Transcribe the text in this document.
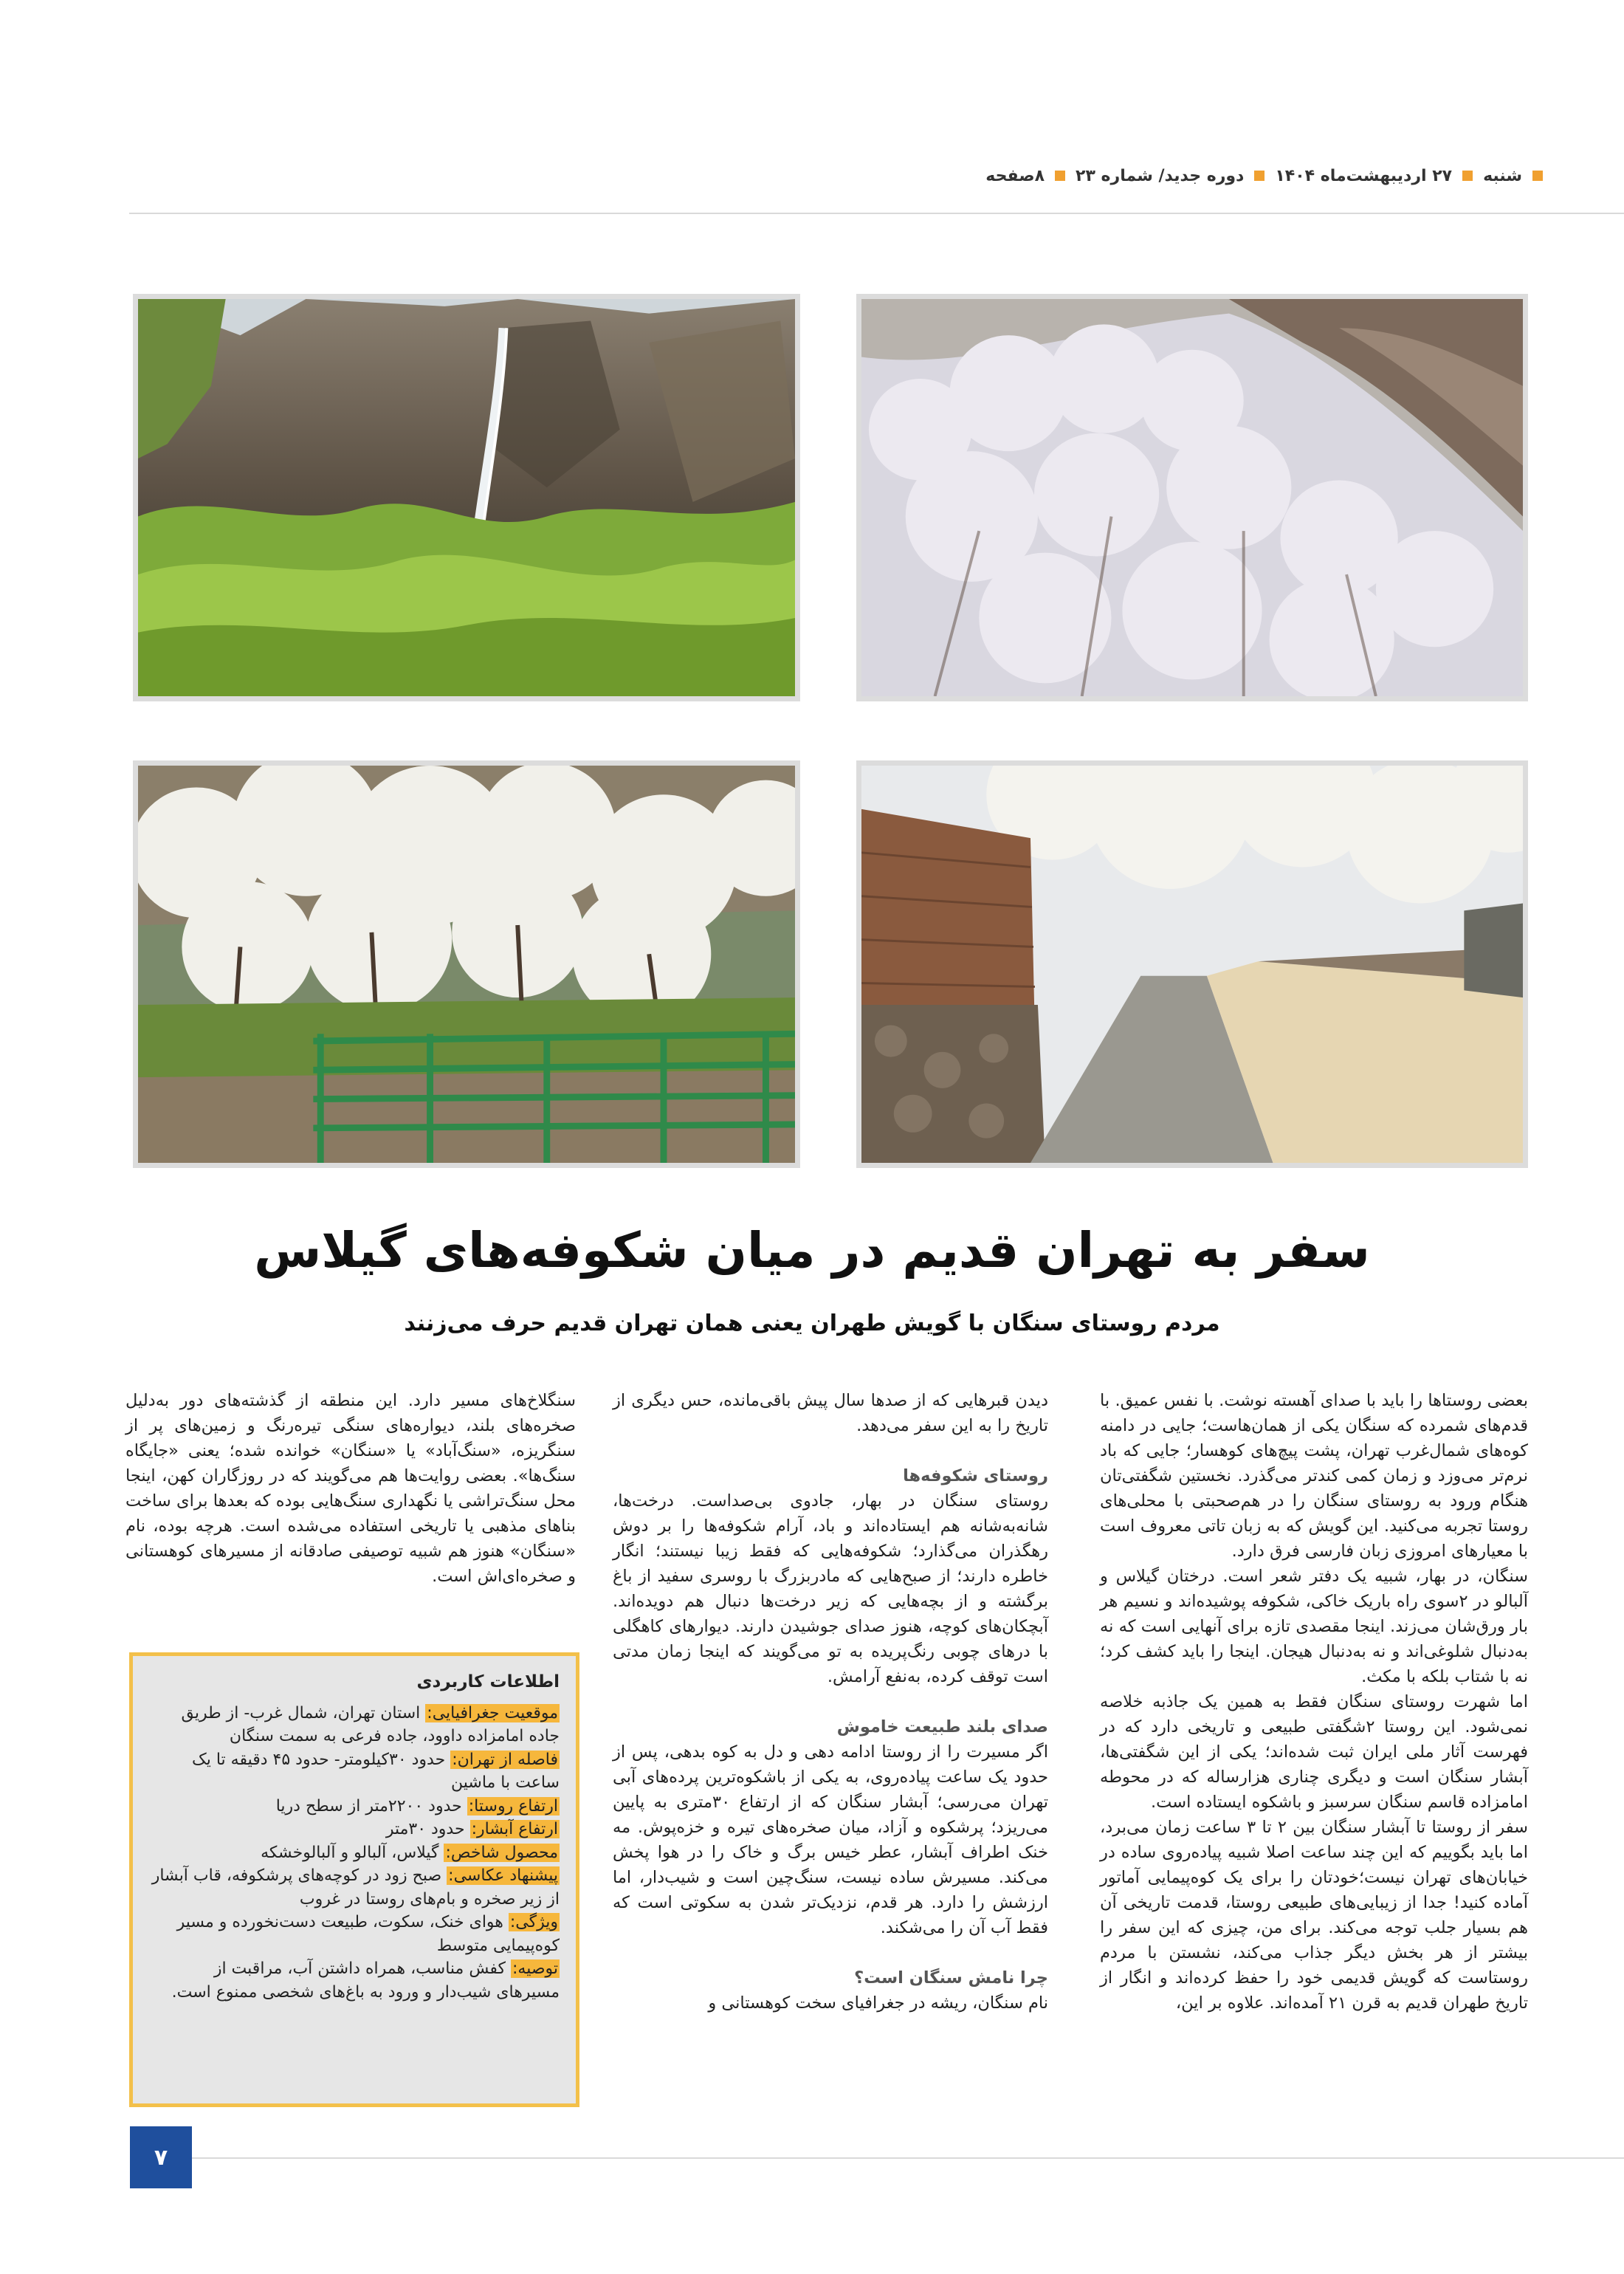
شنبه
۲۷ اردیبهشت‌ماه ۱۴۰۴
دوره جدید/ شماره ۲۳
۸صفحه
سفر به تهران قدیم در میان شکوفه‌های گیلاس
مردم روستای سنگان با گویش طهران یعنی همان تهران قدیم حرف می‌زنند

بعضی روستاها را باید با صدای آهسته نوشت. با نفس عمیق. با قدم‌های شمرده که سنگان یکی از همان‌هاست؛ جایی در دامنه کوه‌های شمال‌غرب تهران، پشت پیچ‌های کوهسار؛ جایی که باد نرم‌تر می‌وزد و زمان کمی کندتر می‌گذرد. نخستین شگفتی‌تان هنگام ورود به روستای سنگان را در هم‌صحبتی با محلی‌های روستا تجربه می‌کنید. این گویش که به زبان تاتی معروف است با معیارهای امروزی زبان فارسی فرق دارد.

سنگان، در بهار، شبیه یک دفتر شعر است. درختان گیلاس و آلبالو در ۲سوی راه باریک خاکی، شکوفه پوشیده‌اند و نسیم هر بار ورق‌شان می‌زند. اینجا مقصدی تازه برای آنهایی است که نه به‌دنبال شلوغی‌اند و نه به‌دنبال هیجان. اینجا را باید کشف کرد؛ نه با شتاب بلکه با مکث.

اما شهرت روستای سنگان فقط به همین یک جاذبه خلاصه نمی‌شود. این روستا ۲شگفتی طبیعی و تاریخی دارد که در فهرست آثار ملی ایران ثبت شده‌اند؛ یکی از این شگفتی‌ها، آبشار سنگان است و دیگری چناری هزارساله که در محوطه امامزاده قاسم سنگان سرسبز و باشکوه ایستاده است.

سفر از روستا تا آبشار سنگان بین ۲ تا ۳ ساعت زمان می‌برد، اما باید بگوییم که این چند ساعت اصلا شبیه پیاده‌روی ساده در خیابان‌های تهران نیست؛خودتان را برای یک کوه‌پیمایی آماتور آماده کنید! جدا از زیبایی‌های طبیعی روستا، قدمت تاریخی آن هم بسیار جلب توجه می‌کند. برای من، چیزی که این سفر را بیشتر از هر بخش دیگر جذاب می‌کند، نشستن با مردم روستاست که گویش قدیمی خود را حفظ کرده‌اند و انگار از تاریخ طهران قدیم به قرن ۲۱ آمده‌اند. علاوه بر این،

دیدن قبرهایی که از صدها سال پیش باقی‌مانده، حس دیگری از تاریخ را به این سفر می‌دهد.

روستای شکوفه‌ها

روستای سنگان در بهار، جادوی بی‌صداست. درخت‌ها، شانه‌به‌شانه هم ایستاده‌اند و باد، آرام شکوفه‌ها را بر دوش رهگذران می‌گذارد؛ شکوفه‌هایی که فقط زیبا نیستند؛ انگار خاطره دارند؛ از صبح‌هایی که مادربزرگ با روسری سفید از باغ برگشته و از بچه‌هایی که زیر درخت‌ها دنبال هم دویده‌اند. آبچکان‌های کوچه، هنوز صدای جوشیدن دارند. دیوارهای کاهگلی با درهای چوبی رنگ‌پریده به تو می‌گویند که اینجا زمان مدتی است توقف کرده، به‌نفع آرامش.

صدای بلند طبیعت خاموش

اگر مسیرت را از روستا ادامه دهی و دل به کوه بدهی، پس از حدود یک ساعت پیاده‌روی، به یکی از باشکوه‌ترین پرده‌های آبی تهران می‌رسی؛ آبشار سنگان که از ارتفاع ۳۰متری به پایین می‌ریزد؛ پرشکوه و آزاد، میان صخره‌های تیره و خزه‌پوش. مه خنک اطراف آبشار، عطر خیس برگ و خاک را در هوا پخش می‌کند. مسیرش ساده نیست، سنگ‌چین است و شیب‌دار، اما ارزشش را دارد. هر قدم، نزدیک‌تر شدن به سکوتی است که فقط آب آن را می‌شکند.

چرا نامش سنگان است؟

نام سنگان، ریشه در جغرافیای سخت کوهستانی و

سنگلاخ‌های مسیر دارد. این منطقه از گذشته‌های دور به‌دلیل صخره‌های بلند، دیواره‌های سنگی تیره‌رنگ و زمین‌های پر از سنگریزه، «سنگ‌آباد» یا «سنگان» خوانده شده؛ یعنی «جایگاه سنگ‌ها». بعضی روایت‌ها هم می‌گویند که در روزگاران کهن، اینجا محل سنگ‌تراشی یا نگهداری سنگ‌هایی بوده که بعدها برای ساخت بناهای مذهبی یا تاریخی استفاده می‌شده است. هرچه بوده، نام «سنگان» هنوز هم شبیه توصیفی صادقانه از مسیرهای کوهستانی و صخره‌ای‌اش است.

اطلاعات کاربردی

موقعیت جغرافیایی: استان تهران، شمال غرب- از طریق جاده امامزاده داوود، جاده فرعی به سمت سنگان

فاصله از تهران: حدود ۳۰کیلومتر- حدود ۴۵ دقیقه تا یک ساعت با ماشین

ارتفاع روستا: حدود ۲۲۰۰متر از سطح دریا

ارتفاع آبشار: حدود ۳۰متر

محصول شاخص: گیلاس، آلبالو و آلبالوخشکه

پیشنهاد عکاسی: صبح زود در کوچه‌های پرشکوفه، قاب آبشار از زیر صخره و بام‌های روستا در غروب

ویژگی: هوای خنک، سکوت، طبیعت دست‌نخورده و مسیر کوه‌پیمایی متوسط

توصیه: کفش مناسب، همراه داشتن آب، مراقبت از مسیرهای شیب‌دار و ورود به باغ‌های شخصی ممنوع است.

۷
